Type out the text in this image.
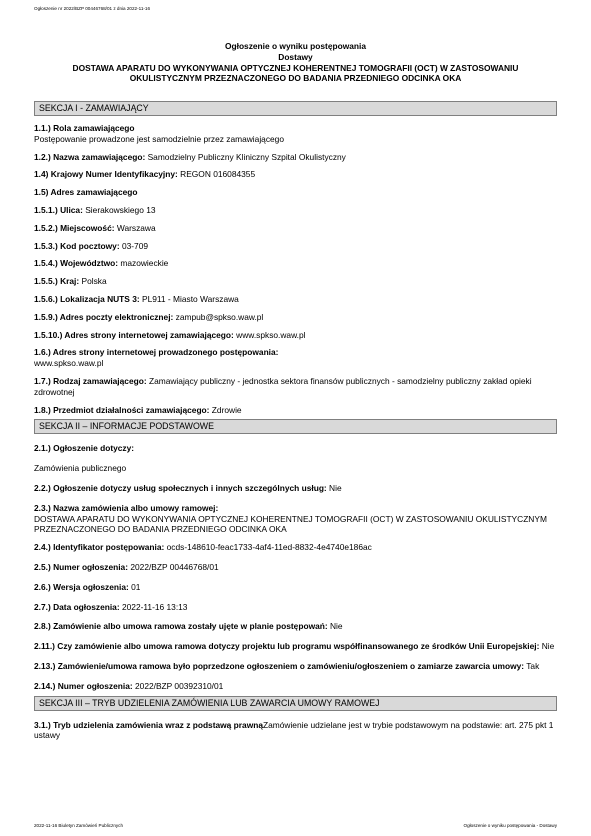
Ogłoszenie nr 2022/BZP 00446768/01 z dnia 2022-11-16
Ogłoszenie o wyniku postępowania
Dostawy
DOSTAWA APARATU DO WYKONYWANIA OPTYCZNEJ KOHERENTNEJ TOMOGRAFII (OCT) W ZASTOSOWANIU
OKULISTYCZNYM PRZEZNACZONEGO DO BADANIA PRZEDNIEGO ODCINKA OKA
SEKCJA I - ZAMAWIAJĄCY
1.1.) Rola zamawiającego
Postępowanie prowadzone jest samodzielnie przez zamawiającego
1.2.) Nazwa zamawiającego: Samodzielny Publiczny Kliniczny Szpital Okulistyczny
1.4) Krajowy Numer Identyfikacyjny: REGON 016084355
1.5) Adres zamawiającego
1.5.1.) Ulica: Sierakowskiego 13
1.5.2.) Miejscowość: Warszawa
1.5.3.) Kod pocztowy: 03-709
1.5.4.) Województwo: mazowieckie
1.5.5.) Kraj: Polska
1.5.6.) Lokalizacja NUTS 3: PL911 - Miasto Warszawa
1.5.9.) Adres poczty elektronicznej: zampub@spkso.waw.pl
1.5.10.) Adres strony internetowej zamawiającego: www.spkso.waw.pl
1.6.) Adres strony internetowej prowadzonego postępowania:
www.spkso.waw.pl
1.7.) Rodzaj zamawiającego: Zamawiający publiczny - jednostka sektora finansów publicznych - samodzielny publiczny zakład opieki zdrowotnej
1.8.) Przedmiot działalności zamawiającego: Zdrowie
SEKCJA II – INFORMACJE PODSTAWOWE
2.1.) Ogłoszenie dotyczy:
Zamówienia publicznego
2.2.) Ogłoszenie dotyczy usług społecznych i innych szczególnych usług: Nie
2.3.) Nazwa zamówienia albo umowy ramowej:
DOSTAWA APARATU DO WYKONYWANIA OPTYCZNEJ KOHERENTNEJ TOMOGRAFII (OCT) W ZASTOSOWANIU OKULISTYCZNYM PRZEZNACZONEGO DO BADANIA PRZEDNIEGO ODCINKA OKA
2.4.) Identyfikator postępowania: ocds-148610-feac1733-4af4-11ed-8832-4e4740e186ac
2.5.) Numer ogłoszenia: 2022/BZP 00446768/01
2.6.) Wersja ogłoszenia: 01
2.7.) Data ogłoszenia: 2022-11-16 13:13
2.8.) Zamówienie albo umowa ramowa zostały ujęte w planie postępowań: Nie
2.11.) Czy zamówienie albo umowa ramowa dotyczy projektu lub programu współfinansowanego ze środków Unii Europejskiej: Nie
2.13.) Zamówienie/umowa ramowa było poprzedzone ogłoszeniem o zamówieniu/ogłoszeniem o zamiarze zawarcia umowy: Tak
2.14.) Numer ogłoszenia: 2022/BZP 00392310/01
SEKCJA III – TRYB UDZIELENIA ZAMÓWIENIA LUB ZAWARCIA UMOWY RAMOWEJ
3.1.) Tryb udzielenia zamówienia wraz z podstawą prawnąZamówienie udzielane jest w trybie podstawowym na podstawie: art. 275 pkt 1 ustawy
2022-11-16 Biuletyn Zamówień Publicznych	Ogłoszenie o wyniku postępowania - Dostawy
